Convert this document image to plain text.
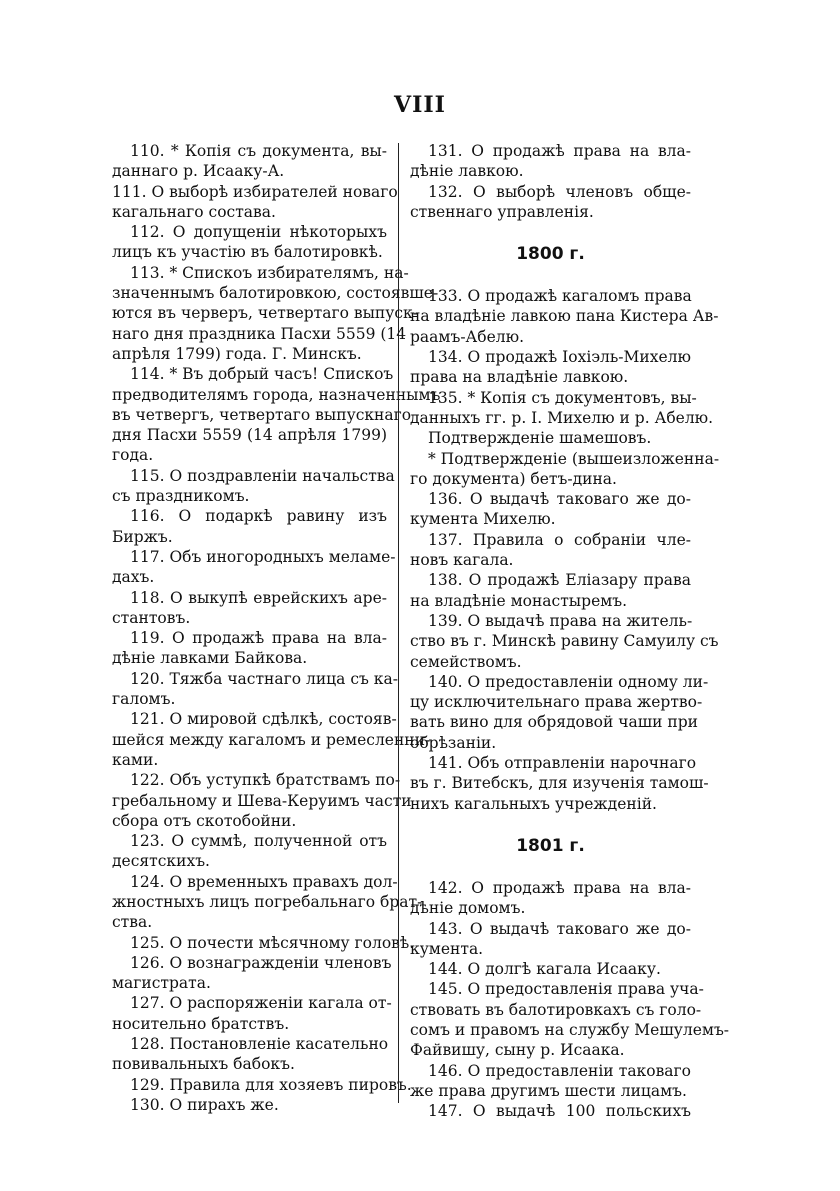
VIII
110. * Копія съ документа, вы-
даннаго р. Исааку-А.
111. О выборѣ избирателей новаго
кагальнаго состава.
112. О допущеніи нѣкоторыхъ
лицъ къ участію въ балотировкѣ.
113. * Спискоъ избирателямъ, на-
значеннымъ балотировкою, состоявше-
ются въ черверъ, четвертаго выпуск-
наго дня праздника Пасхи 5559 (14
апрѣля 1799) года. Г. Минскъ.
114. * Въ добрый часъ! Спискоъ
предводителямъ города, назначеннымъ
въ четвергъ, четвертаго выпускнаго
дня Пасхи 5559 (14 апрѣля 1799)
года.
115. О поздравленіи начальства
съ праздникомъ.
116. О подаркѣ равину изъ
Биржъ.
117. Объ иногородныхъ меламе-
дахъ.
118. О выкупѣ еврейскихъ аре-
стантовъ.
119. О продажѣ права на вла-
дѣніе лавками Байкова.
120. Тяжба частнаго лица съ ка-
галомъ.
121. О мировой сдѣлкѣ, состояв-
шейся между кагаломъ и ремесленни-
ками.
122. Объ уступкѣ братствамъ по-
гребальному и Шева-Керуимъ части
сбора отъ скотобойни.
123. О суммѣ, полученной отъ
десятскихъ.
124. О временныхъ правахъ дол-
жностныхъ лицъ погребальнаго брат-
ства.
125. О почести мѣсячному головѣ.
126. О вознагражденіи членовъ
магистрата.
127. О распоряженіи кагала от-
носительно братствъ.
128. Постановленіе касательно
повивальныхъ бабокъ.
129. Правила для хозяевъ пировъ.
130. О пирахъ же.
131. О продажѣ права на вла-
дѣніе лавкою.
132. О выборѣ членовъ обще-
ственнаго управленія.
1800 г.
133. О продажѣ кагаломъ права
на владѣніе лавкою пана Кистера Ав-
раамъ-Абелю.
134. О продажѣ Іохіэль-Михелю
права на владѣніе лавкою.
135. * Копія съ документовъ, вы-
данныхъ гг. р. І. Михелю и р. Абелю.
Подтвержденіе шамешовъ.
* Подтвержденіе (вышеизложенна-
го документа) бетъ-дина.
136. О выдачѣ таковаго же до-
кумента Михелю.
137. Правила о собраніи чле-
новъ кагала.
138. О продажѣ Еліазару права
на владѣніе монастыремъ.
139. О выдачѣ права на житель-
ство въ г. Минскѣ равину Самуилу съ
семействомъ.
140. О предоставленіи одному ли-
цу исключительнаго права жертво-
вать вино для обрядовой чаши при
обрѣзаніи.
141. Объ отправленіи нарочнаго
въ г. Витебскъ, для изученія тамош-
нихъ кагальныхъ учрежденій.
1801 г.
142. О продажѣ права на вла-
дѣніе домомъ.
143. О выдачѣ таковаго же до-
кумента.
144. О долгѣ кагала Исааку.
145. О предоставленія права уча-
ствовать въ балотировкахъ съ голо-
сомъ и правомъ на службу Мешулемъ-
Файвишу, сыну р. Исаака.
146. О предоставленіи таковаго
же права другимъ шести лицамъ.
147. О выдачѣ 100 польскихъ
